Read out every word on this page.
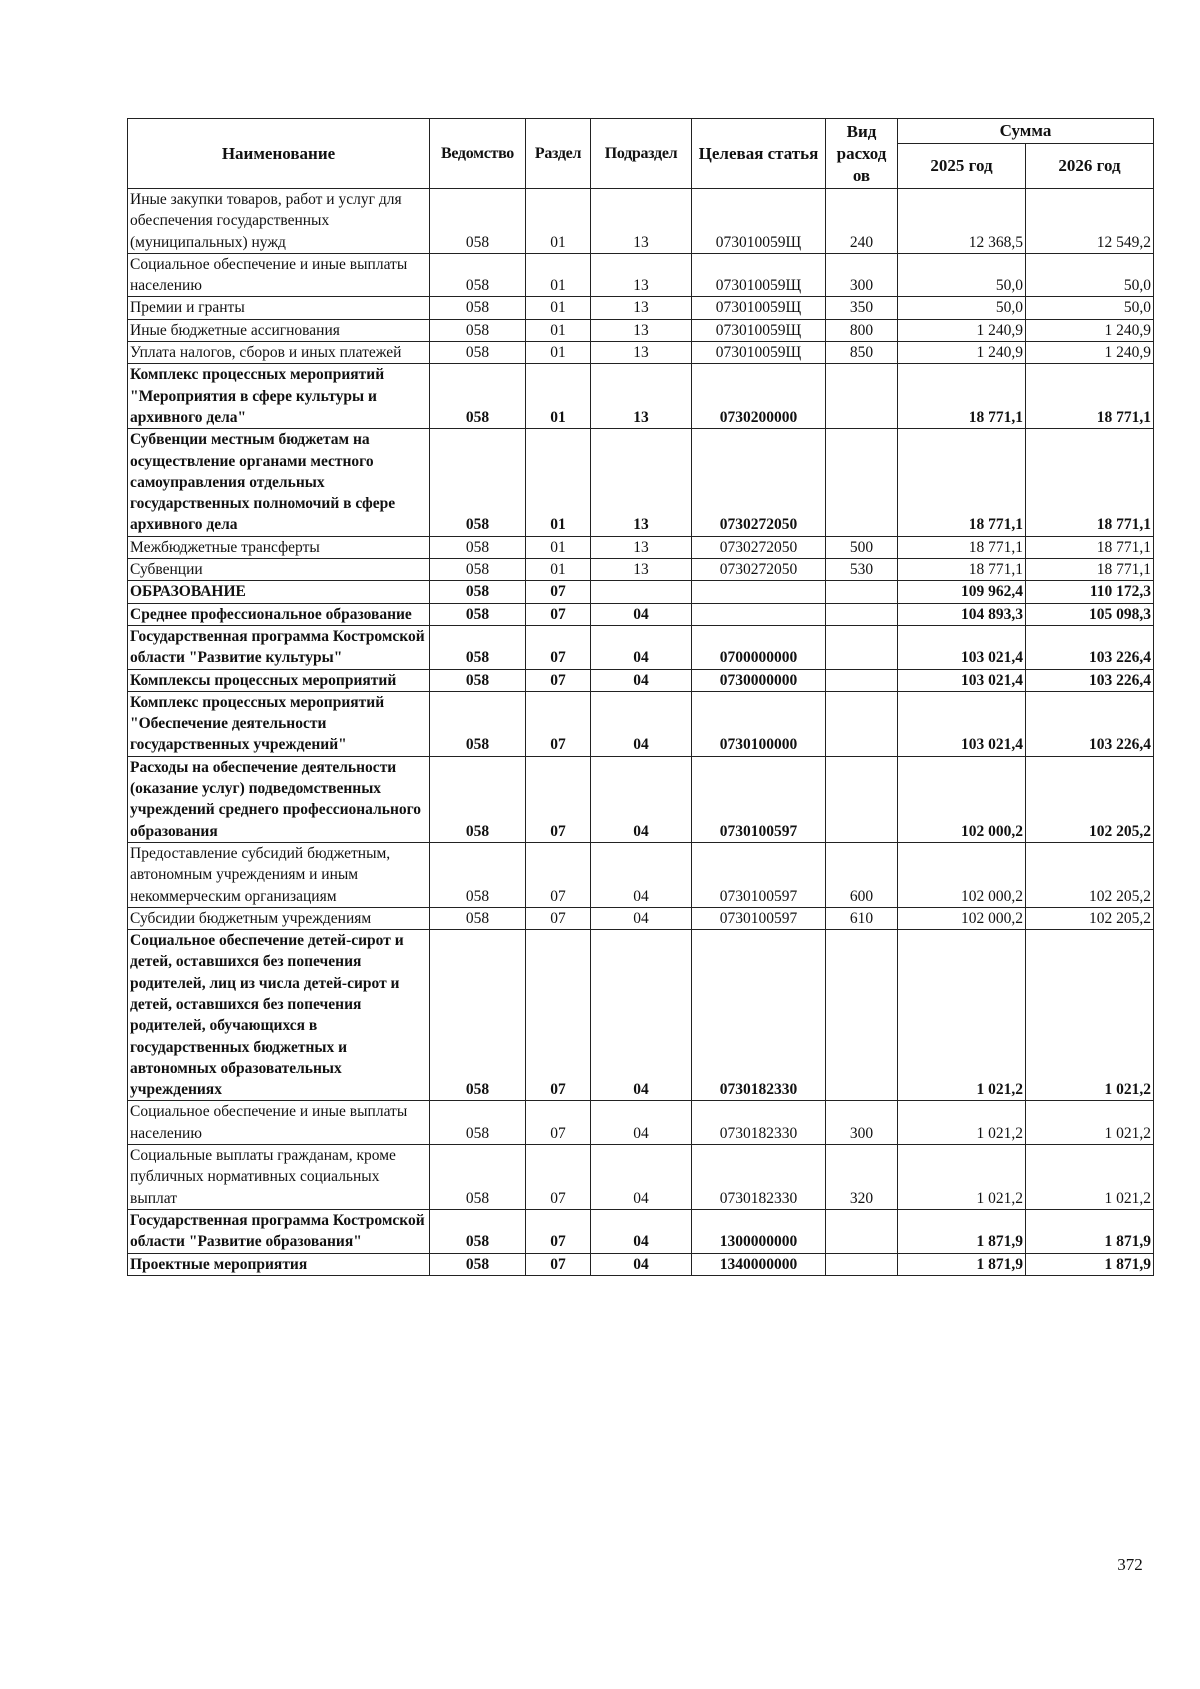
Наименование	Ведомство	Раздел	Подраздел	Целевая статья	Вид расход ов	Сумма	
						2025 год	2026 год
Иные закупки товаров, работ и услуг для обеспечения государственных (муниципальных) нужд	058	01	13	073010059Щ	240	12 368,5	12 549,2
Социальное обеспечение и иные выплаты населению	058	01	13	073010059Щ	300	50,0	50,0
Премии и гранты	058	01	13	073010059Щ	350	50,0	50,0
Иные бюджетные ассигнования	058	01	13	073010059Щ	800	1 240,9	1 240,9
Уплата налогов, сборов и иных платежей	058	01	13	073010059Щ	850	1 240,9	1 240,9
Комплекс процессных мероприятий "Мероприятия в сфере культуры и архивного дела"	058	01	13	0730200000		18 771,1	18 771,1
Субвенции местным бюджетам на осуществление органами местного самоуправления отдельных государственных полномочий в сфере архивного дела	058	01	13	0730272050		18 771,1	18 771,1
Межбюджетные трансферты	058	01	13	0730272050	500	18 771,1	18 771,1
Субвенции	058	01	13	0730272050	530	18 771,1	18 771,1
ОБРАЗОВАНИЕ	058	07				109 962,4	110 172,3
Среднее профессиональное образование	058	07	04			104 893,3	105 098,3
Государственная программа Костромской области "Развитие культуры"	058	07	04	0700000000		103 021,4	103 226,4
Комплексы процессных мероприятий	058	07	04	0730000000		103 021,4	103 226,4
Комплекс процессных мероприятий "Обеспечение деятельности государственных учреждений"	058	07	04	0730100000		103 021,4	103 226,4
Расходы на обеспечение деятельности (оказание услуг) подведомственных учреждений среднего профессионального образования	058	07	04	0730100597		102 000,2	102 205,2
Предоставление субсидий бюджетным, автономным учреждениям и иным некоммерческим организациям	058	07	04	0730100597	600	102 000,2	102 205,2
Субсидии бюджетным учреждениям	058	07	04	0730100597	610	102 000,2	102 205,2
Социальное обеспечение детей-сирот и детей, оставшихся без попечения родителей, лиц из числа детей-сирот и детей, оставшихся без попечения родителей, обучающихся в государственных бюджетных и автономных образовательных учреждениях	058	07	04	0730182330		1 021,2	1 021,2
Социальное обеспечение и иные выплаты населению	058	07	04	0730182330	300	1 021,2	1 021,2
Социальные выплаты гражданам, кроме публичных нормативных социальных выплат	058	07	04	0730182330	320	1 021,2	1 021,2
Государственная программа Костромской области "Развитие образования"	058	07	04	1300000000		1 871,9	1 871,9
Проектные мероприятия	058	07	04	1340000000		1 871,9	1 871,9
372
